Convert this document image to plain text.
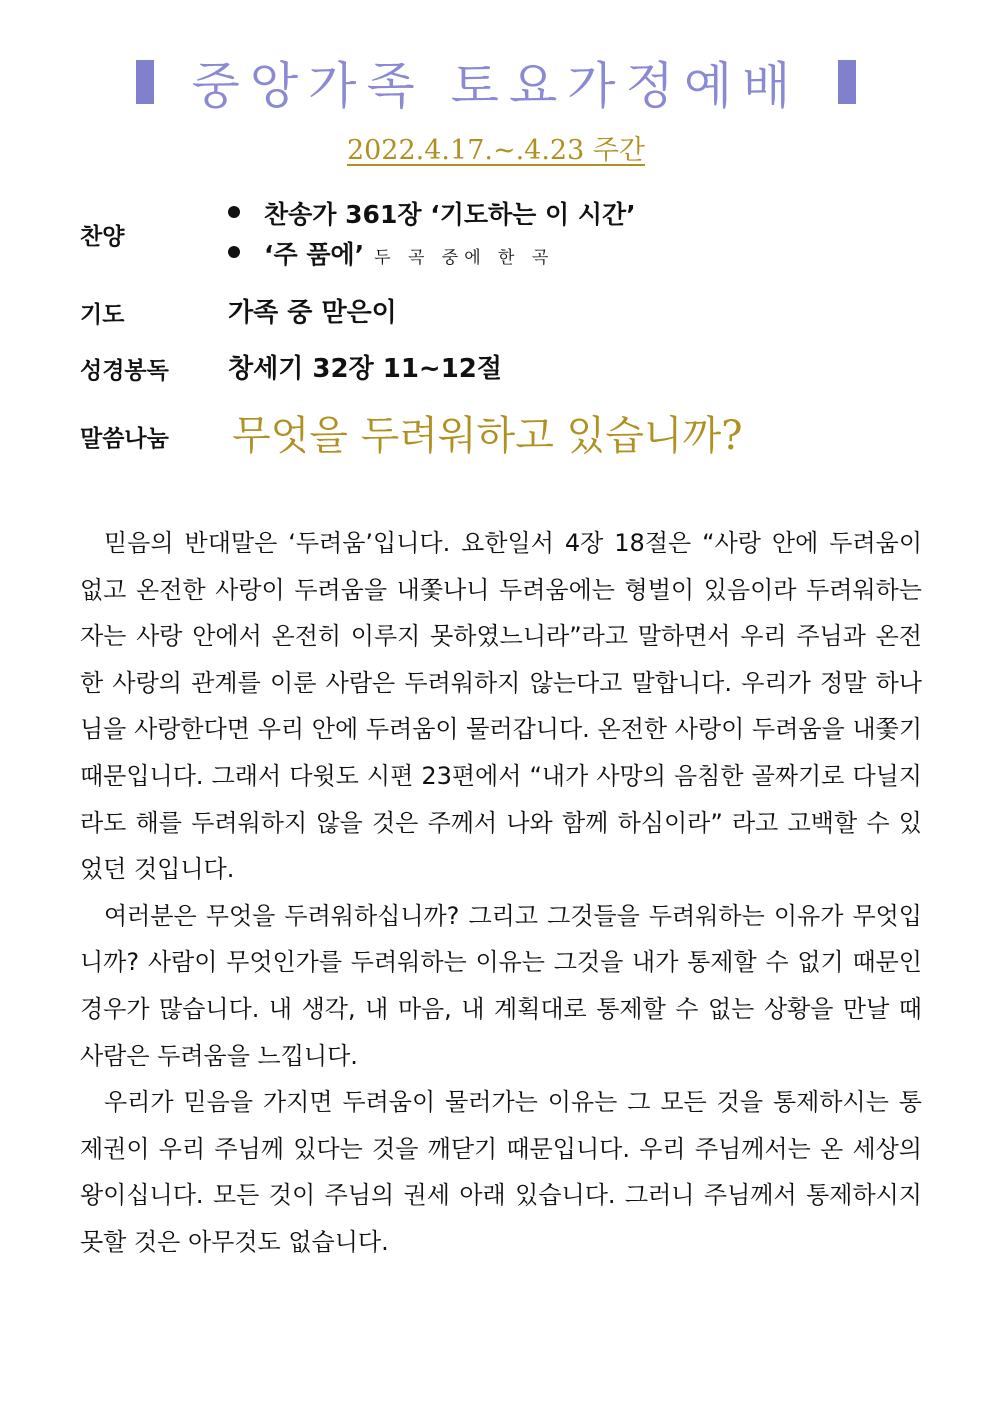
중앙가족 토요가정예배
2022.4.17.~.4.23 주간
찬양
찬송가 361장 ‘기도하는 이 시간’
‘주 품에’ 두 곡 중에 한 곡
기도	가족 중 맏은이
성경봉독	창세기 32장 11~12절
말씀나눔	무엇을 두려워하고 있습니까?

믿음의 반대말은 ‘두려움’입니다. 요한일서 4장 18절은 “사랑 안에 두려움이 없고 온전한 사랑이 두려움을 내쫓나니 두려움에는 형벌이 있음이라 두려워하는 자는 사랑 안에서 온전히 이루지 못하였느니라”라고 말하면서 우리 주님과 온전한 사랑의 관계를 이룬 사람은 두려워하지 않는다고 말합니다. 우리가 정말 하나님을 사랑한다면 우리 안에 두려움이 물러갑니다. 온전한 사랑이 두려움을 내쫓기 때문입니다. 그래서 다윗도 시편 23편에서 “내가 사망의 음침한 골짜기로 다닐지라도 해를 두려워하지 않을 것은 주께서 나와 함께 하심이라” 라고 고백할 수 있었던 것입니다.

여러분은 무엇을 두려워하십니까? 그리고 그것들을 두려워하는 이유가 무엇입니까? 사람이 무엇인가를 두려워하는 이유는 그것을 내가 통제할 수 없기 때문인 경우가 많습니다. 내 생각, 내 마음, 내 계획대로 통제할 수 없는 상황을 만날 때 사람은 두려움을 느낍니다.

우리가 믿음을 가지면 두려움이 물러가는 이유는 그 모든 것을 통제하시는 통제권이 우리 주님께 있다는 것을 깨닫기 때문입니다. 우리 주님께서는 온 세상의 왕이십니다. 모든 것이 주님의 권세 아래 있습니다. 그러니 주님께서 통제하시지 못할 것은 아무것도 없습니다.
